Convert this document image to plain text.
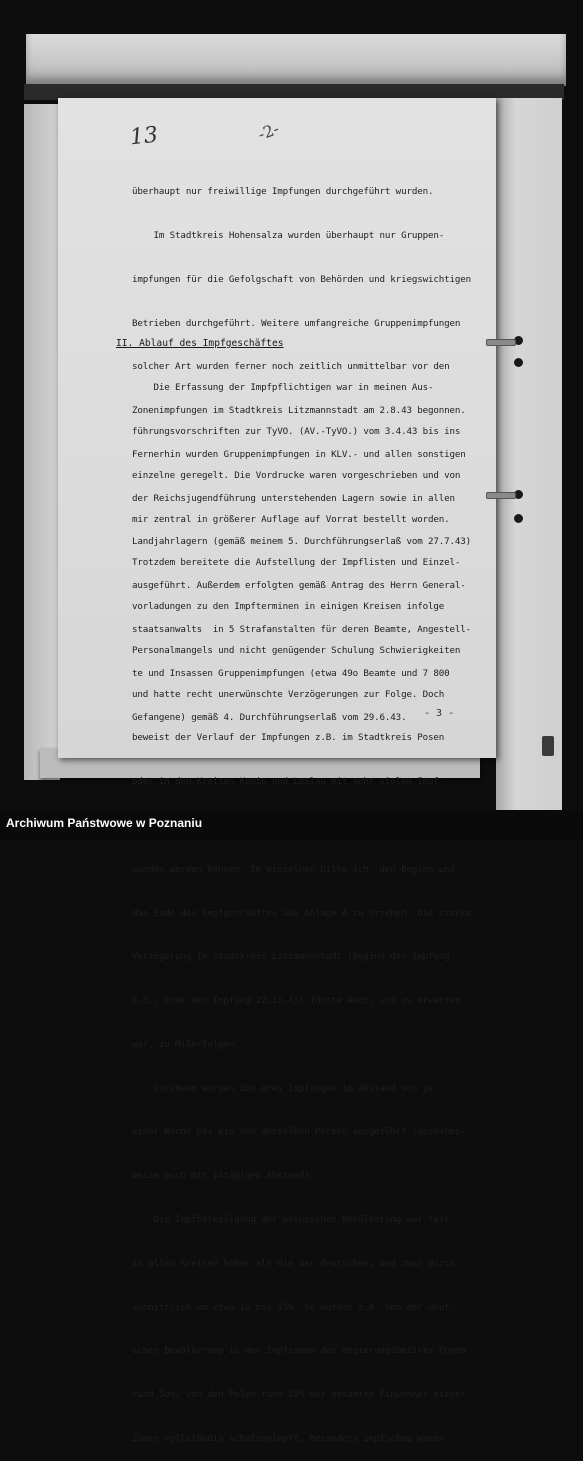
13	-2-

überhaupt nur freiwillige Impfungen durchgeführt wurden.

Im Stadtkreis Hohensalza wurden überhaupt nur Gruppen-

impfungen für die Gefolgschaft von Behörden und kriegswichtigen

Betrieben durchgeführt. Weitere umfangreiche Gruppenimpfungen

solcher Art wurden ferner noch zeitlich unmittelbar vor den

Zonenimpfungen im Stadtkreis Litzmannstadt am 2.8.43 begonnen.

Fernerhin wurden Gruppenimpfungen in KLV.- und allen sonstigen

der Reichsjugendführung unterstehenden Lagern sowie in allen

Landjahrlagern (gemäß meinem 5. Durchführungserlaß vom 27.7.43)

ausgeführt. Außerdem erfolgten gemäß Antrag des Herrn General-

staatsanwalts  in 5 Strafanstalten für deren Beamte, Angestell-

te und Insassen Gruppenimpfungen (etwa 49o Beamte und 7 800

Gefangene) gemäß 4. Durchführungserlaß vom 29.6.43.

II. Ablauf des Impfgeschäftes

Die Erfassung der Impfpflichtigen war in meinen Aus-

führungsvorschriften zur TyVO. (AV.-TyVO.) vom 3.4.43 bis ins

einzelne geregelt. Die Vordrucke waren vorgeschrieben und von

mir zentral in größerer Auflage auf Vorrat bestellt worden.

Trotzdem bereitete die Aufstellung der Impflisten und Einzel-

vorladungen zu den Impfterminen in einigen Kreisen infolge

Personalmangels und nicht genügender Schulung Schwierigkeiten

und hatte recht unerwünschte Verzögerungen zur Folge. Doch

beweist der Verlauf der Impfungen z.B. im Stadtkreis Posen

oder in den Kreisen Konin und Leslau mit sehr vielen Impf-

wunden werden können. Im einzelnen bitte ich, den Beginn und

das Ende des Impfgeschäftes aus Anlage A zu ersehen. Die starke

Verzögerung im Stadtkreis Litzmannstadt (Beginn der Impfung

2.8., Ende der Impfung 22.1o.43) führte auch, wie zu erwarten

war, zu Mißerfolgen.

Durchweg wurden die drei Impfungen im Abstand von je

einer Woche bei ein und derselben Person ausgeführt (ausnahms-

weise auch mit 14tägigem Abstand).

Die Impfbeteiligung der polnischen Bevölkerung war fast

in allen Kreisen höher als die der deutschen, und zwar durch-

schnittlich um etwa 1o bis 15%. So wurden z.B. von der deut-

schen Bevölkerung in den Impfzonen des Regierungsbezirks Posen

rund 3o%, von den Polen rund 58% der gesamten Einwohner dieser

Zonen vollständig schutzgeimpft. Besonders impfscheu waren

- 3 -
Archiwum Państwowe w Poznaniu
